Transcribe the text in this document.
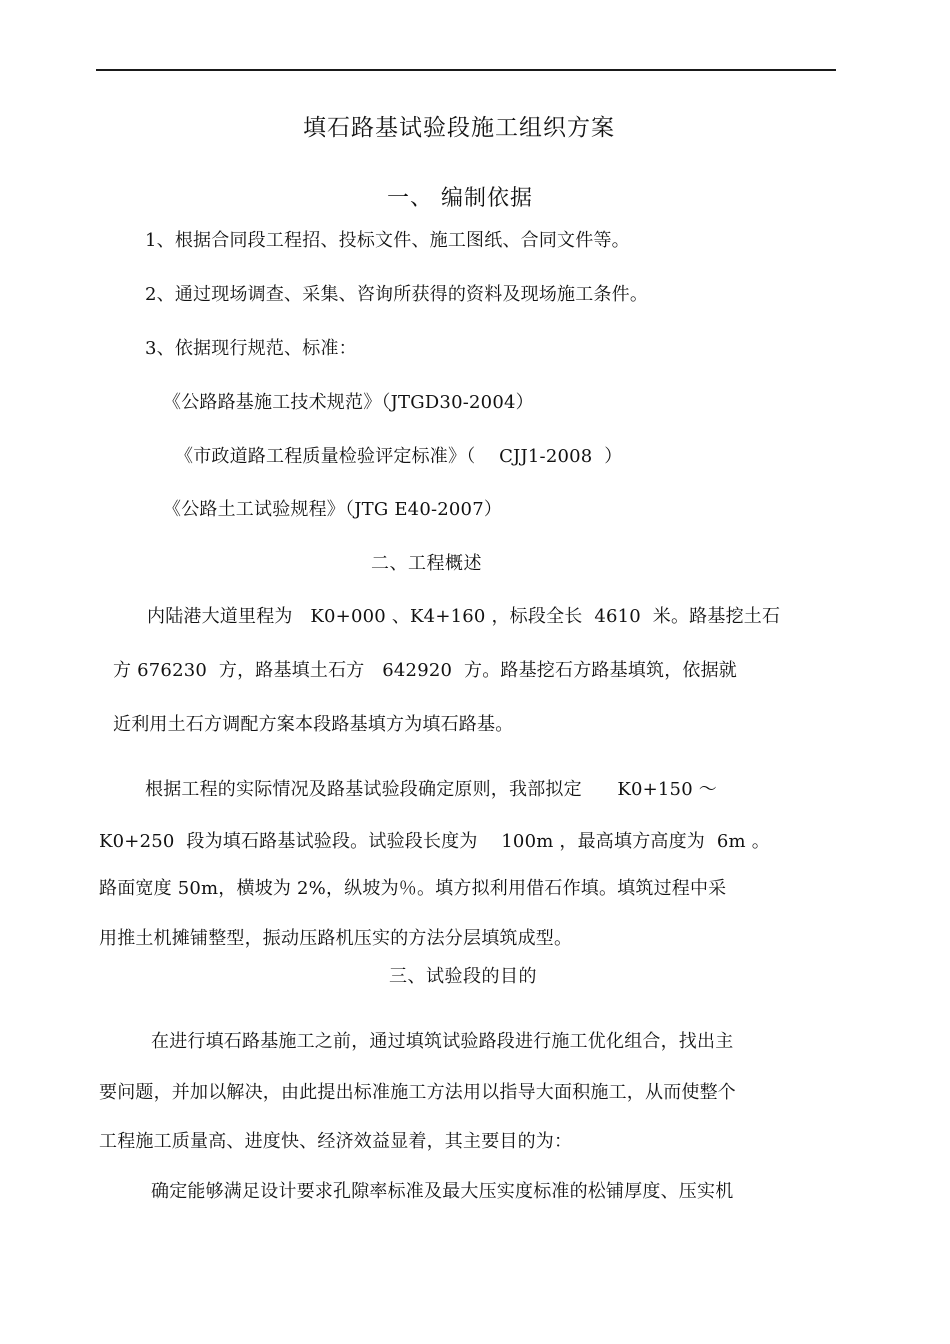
填石路基试验段施工组织方案
一、 编制依据
1、根据合同段工程招、投标文件、施工图纸、合同文件等。
2、通过现场调查、采集、咨询所获得的资料及现场施工条件。
3、依据现行规范、标准：
《公路路基施工技术规范》（JTGD30-2004）
《市政道路工程质量检验评定标准》（    CJJ1-2008  ）
《公路土工试验规程》（JTG E40-2007）
二、工程概述
内陆港大道里程为   K0+000 、K4+160 ，标段全长  4610  米。路基挖土石
方 676230  方，路基填土石方   642920  方。路基挖石方路基填筑，依据就
近利用土石方调配方案本段路基填方为填石路基。
根据工程的实际情况及路基试验段确定原则，我部拟定      K0+150 ～
K0+250  段为填石路基试验段。试验段长度为    100m ，最高填方高度为  6m 。
路面宽度 50m，横坡为 2%，纵坡为％。填方拟利用借石作填。填筑过程中采
用推土机摊铺整型，振动压路机压实的方法分层填筑成型。
三、试验段的目的
在进行填石路基施工之前，通过填筑试验路段进行施工优化组合，找出主
要问题，并加以解决，由此提出标准施工方法用以指导大面积施工，从而使整个
工程施工质量高、进度快、经济效益显着，其主要目的为：
确定能够满足设计要求孔隙率标准及最大压实度标准的松铺厚度、压实机
